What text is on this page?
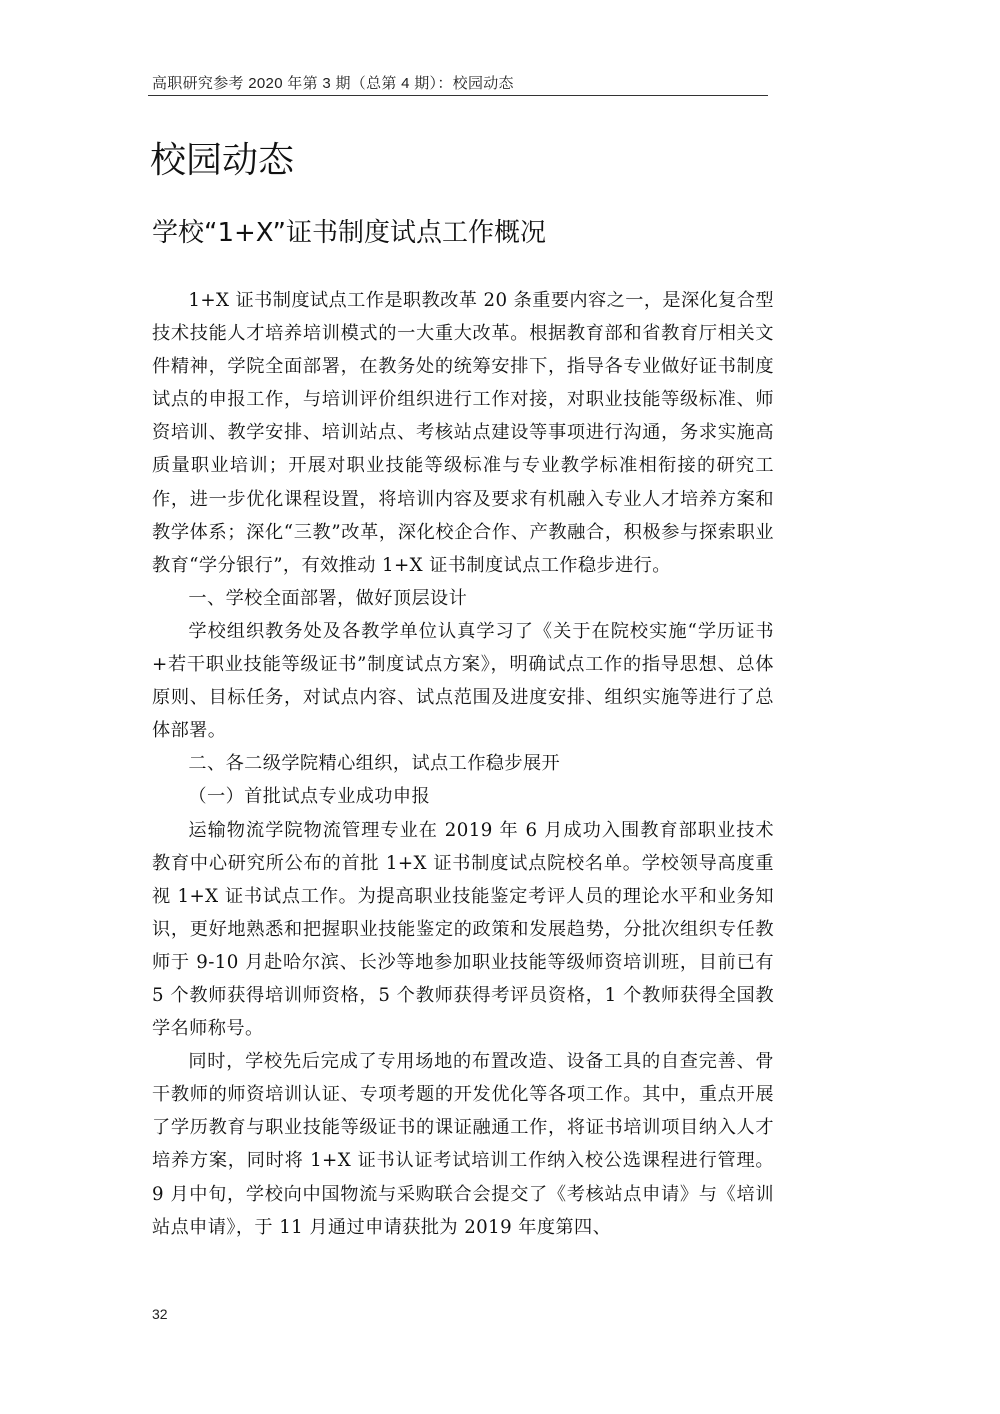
高职研究参考 2020 年第 3 期（总第 4 期）：校园动态
校园动态
学校“1+X”证书制度试点工作概况

1+X 证书制度试点工作是职教改革 20 条重要内容之一，是深化复合型技术技能人才培养培训模式的一大重大改革。根据教育部和省教育厅相关文件精神，学院全面部署，在教务处的统筹安排下，指导各专业做好证书制度试点的申报工作，与培训评价组织进行工作对接，对职业技能等级标准、师资培训、教学安排、培训站点、考核站点建设等事项进行沟通，务求实施高质量职业培训；开展对职业技能等级标准与专业教学标准相衔接的研究工作，进一步优化课程设置，将培训内容及要求有机融入专业人才培养方案和教学体系；深化“三教”改革，深化校企合作、产教融合，积极参与探索职业教育“学分银行”，有效推动 1+X 证书制度试点工作稳步进行。

一、学校全面部署，做好顶层设计

学校组织教务处及各教学单位认真学习了《关于在院校实施“学历证书+若干职业技能等级证书”制度试点方案》，明确试点工作的指导思想、总体原则、目标任务，对试点内容、试点范围及进度安排、组织实施等进行了总体部署。

二、各二级学院精心组织，试点工作稳步展开

（一）首批试点专业成功申报

运输物流学院物流管理专业在 2019 年 6 月成功入围教育部职业技术教育中心研究所公布的首批 1+X 证书制度试点院校名单。学校领导高度重视 1+X 证书试点工作。为提高职业技能鉴定考评人员的理论水平和业务知识，更好地熟悉和把握职业技能鉴定的政策和发展趋势，分批次组织专任教师于 9-10 月赴哈尔滨、长沙等地参加职业技能等级师资培训班，目前已有 5 个教师获得培训师资格，5 个教师获得考评员资格，1 个教师获得全国教学名师称号。

同时，学校先后完成了专用场地的布置改造、设备工具的自查完善、骨干教师的师资培训认证、专项考题的开发优化等各项工作。其中，重点开展了学历教育与职业技能等级证书的课证融通工作，将证书培训项目纳入人才培养方案，同时将 1+X 证书认证考试培训工作纳入校公选课程进行管理。9 月中旬，学校向中国物流与采购联合会提交了《考核站点申请》与《培训站点申请》，于 11 月通过申请获批为 2019 年度第四、

32
